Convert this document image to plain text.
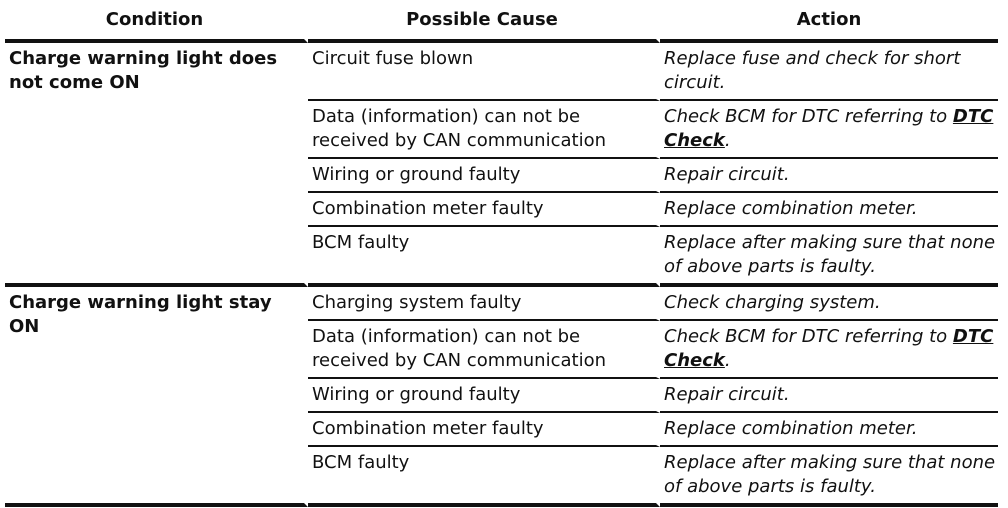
Condition	Possible Cause	Action
Charge warning light does not come ON	Circuit fuse blown	Replace fuse and check for short circuit.
	Data (information) can not be received by CAN communication	Check BCM for DTC referring to DTC Check.
	Wiring or ground faulty	Repair circuit.
	Combination meter faulty	Replace combination meter.
	BCM faulty	Replace after making sure that none of above parts is faulty.
Charge warning light stay ON	Charging system faulty	Check charging system.
	Data (information) can not be received by CAN communication	Check BCM for DTC referring to DTC Check.
	Wiring or ground faulty	Repair circuit.
	Combination meter faulty	Replace combination meter.
	BCM faulty	Replace after making sure that none of above parts is faulty.
